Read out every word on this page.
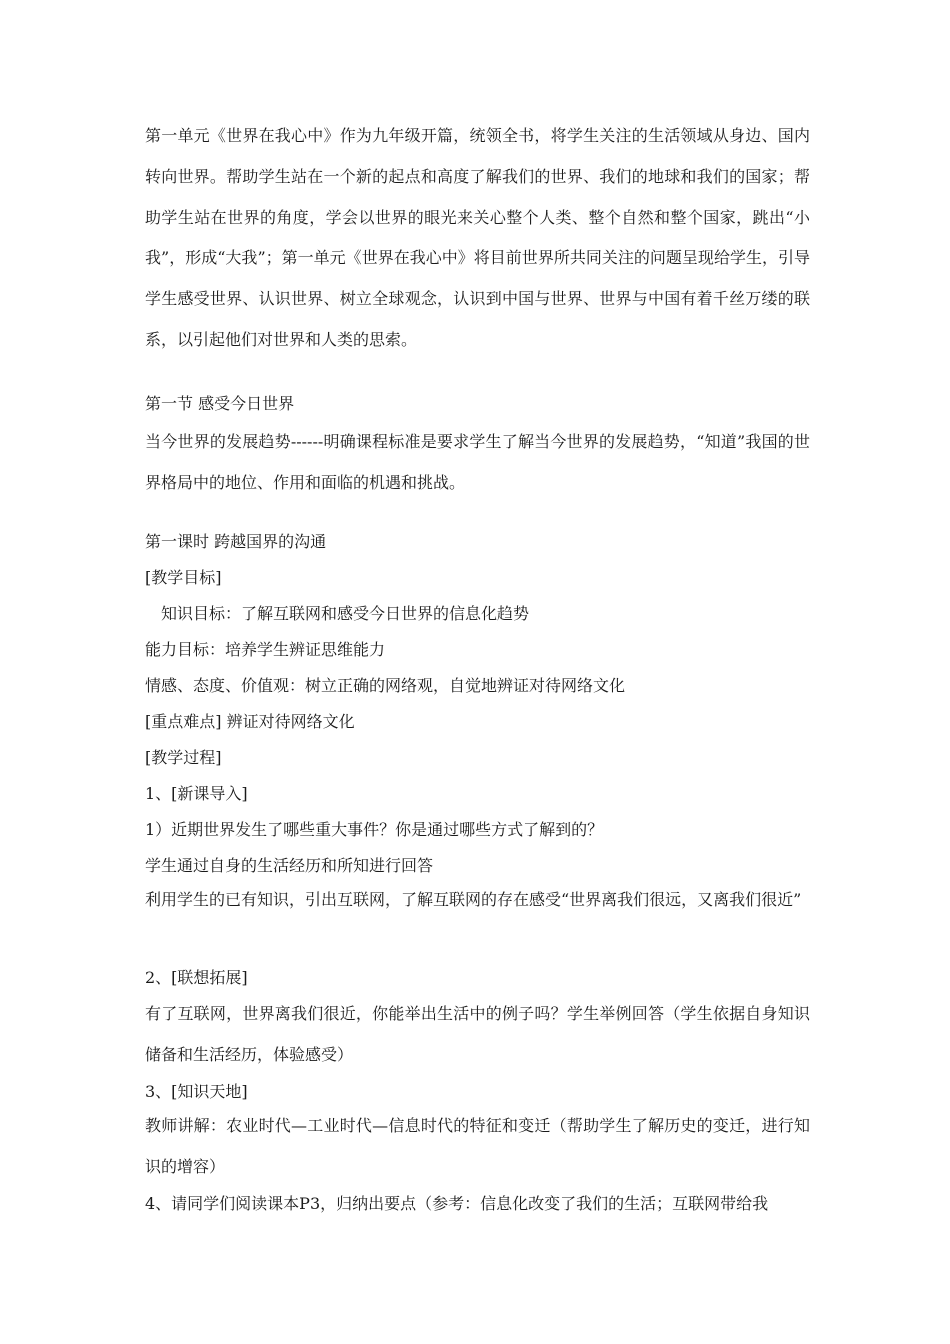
第一单元《世界在我心中》作为九年级开篇，统领全书，将学生关注的生活领域从身边、国内转向世界。帮助学生站在一个新的起点和高度了解我们的世界、我们的地球和我们的国家；帮助学生站在世界的角度，学会以世界的眼光来关心整个人类、整个自然和整个国家，跳出“小我”，形成“大我”；第一单元《世界在我心中》将目前世界所共同关注的问题呈现给学生，引导学生感受世界、认识世界、树立全球观念，认识到中国与世界、世界与中国有着千丝万缕的联系，以引起他们对世界和人类的思索。

第一节 感受今日世界

当今世界的发展趋势------明确课程标准是要求学生了解当今世界的发展趋势，“知道”我国的世界格局中的地位、作用和面临的机遇和挑战。

第一课时 跨越国界的沟通
[教学目标]
知识目标：了解互联网和感受今日世界的信息化趋势
能力目标：培养学生辨证思维能力
情感、态度、价值观：树立正确的网络观，自觉地辨证对待网络文化
[重点难点] 辨证对待网络文化
[教学过程]
1、[新课导入]
1）近期世界发生了哪些重大事件？你是通过哪些方式了解到的？
学生通过自身的生活经历和所知进行回答

利用学生的已有知识，引出互联网，了解互联网的存在感受“世界离我们很远，又离我们很近”

2、[联想拓展]

有了互联网，世界离我们很近，你能举出生活中的例子吗？学生举例回答（学生依据自身知识储备和生活经历，体验感受）

3、[知识天地]

教师讲解：农业时代—工业时代—信息时代的特征和变迁（帮助学生了解历史的变迁，进行知识的增容）

4、请同学们阅读课本P3，归纳出要点（参考：信息化改变了我们的生活；互联网带给我
